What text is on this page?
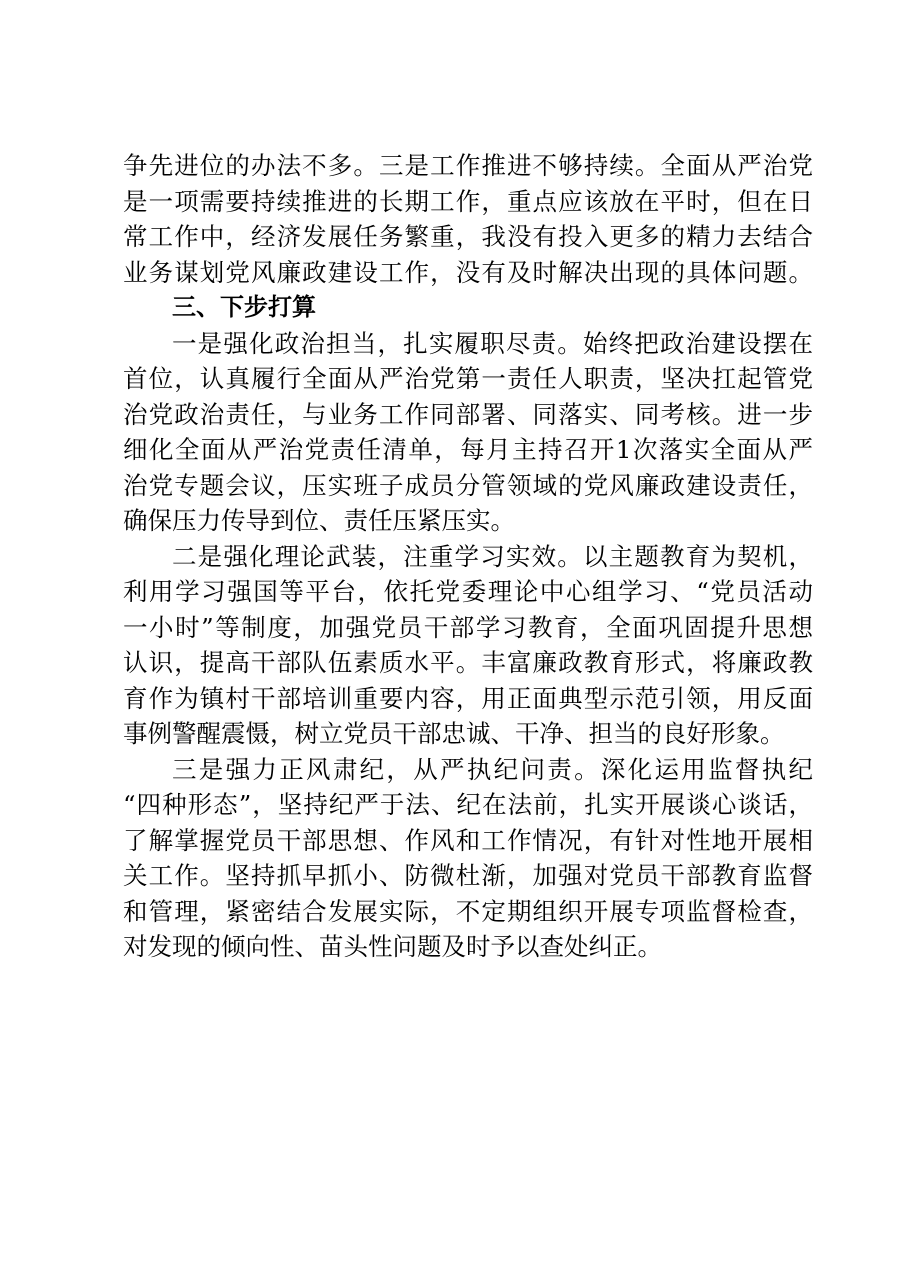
争先进位的办法不多。三是工作推进不够持续。全面从严治党
是一项需要持续推进的长期工作，重点应该放在平时，但在日
常工作中，经济发展任务繁重，我没有投入更多的精力去结合
业务谋划党风廉政建设工作，没有及时解决出现的具体问题。
三、下步打算
一是强化政治担当，扎实履职尽责。始终把政治建设摆在
首位，认真履行全面从严治党第一责任人职责，坚决扛起管党
治党政治责任，与业务工作同部署、同落实、同考核。进一步
细化全面从严治党责任清单，每月主持召开1次落实全面从严
治党专题会议，压实班子成员分管领域的党风廉政建设责任，
确保压力传导到位、责任压紧压实。
二是强化理论武装，注重学习实效。以主题教育为契机，
利用学习强国等平台，依托党委理论中心组学习、“党员活动
一小时”等制度，加强党员干部学习教育，全面巩固提升思想
认识，提高干部队伍素质水平。丰富廉政教育形式，将廉政教
育作为镇村干部培训重要内容，用正面典型示范引领，用反面
事例警醒震慑，树立党员干部忠诚、干净、担当的良好形象。
三是强力正风肃纪，从严执纪问责。深化运用监督执纪
“四种形态”，坚持纪严于法、纪在法前，扎实开展谈心谈话，
了解掌握党员干部思想、作风和工作情况，有针对性地开展相
关工作。坚持抓早抓小、防微杜渐，加强对党员干部教育监督
和管理，紧密结合发展实际，不定期组织开展专项监督检查，
对发现的倾向性、苗头性问题及时予以查处纠正。
